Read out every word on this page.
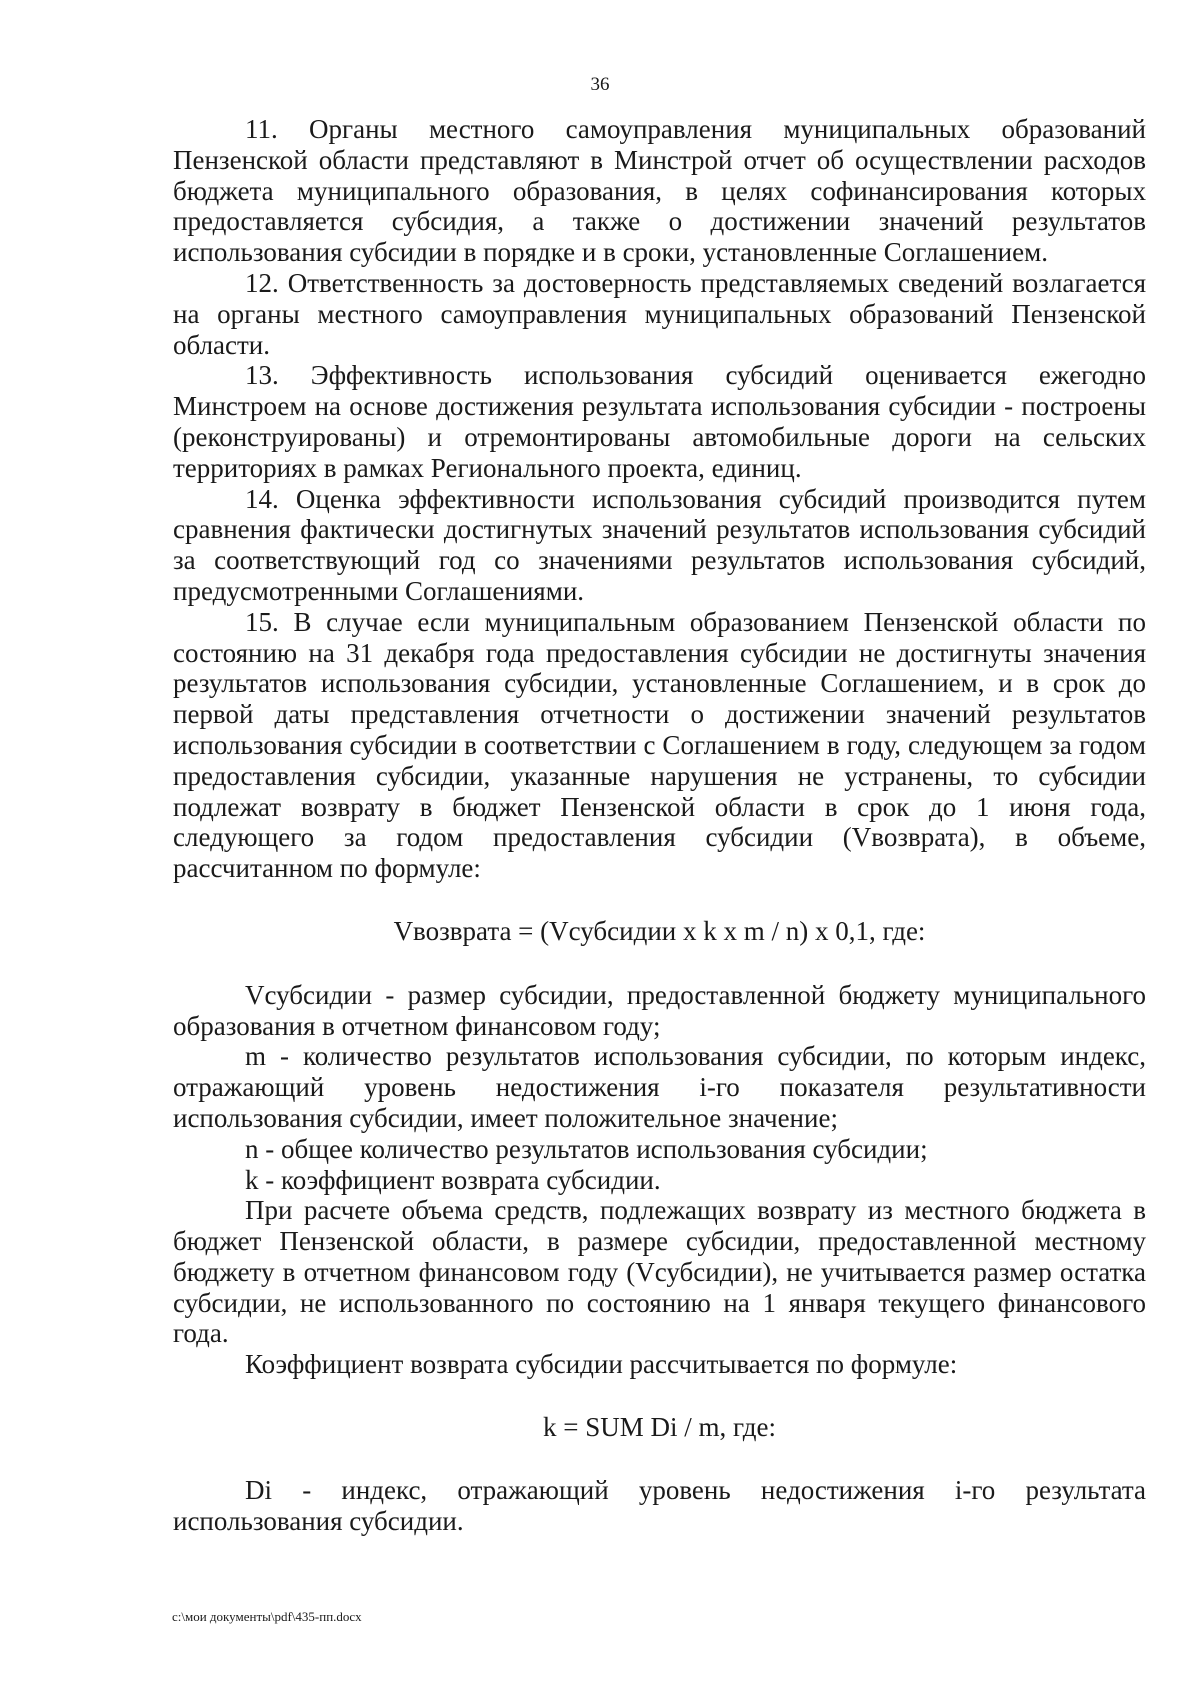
36

11. Органы местного самоуправления муниципальных образований Пензенской области представляют в Минстрой отчет об осуществлении расходов бюджета муниципального образования, в целях софинансирования которых предоставляется субсидия, а также о достижении значений результатов использования субсидии в порядке и в сроки, установленные Соглашением.

12. Ответственность за достоверность представляемых сведений возлагается на органы местного самоуправления муниципальных образований Пензенской области.

13. Эффективность использования субсидий оценивается ежегодно Минстроем на основе достижения результата использования субсидии - построены (реконструированы) и отремонтированы автомобильные дороги на сельских территориях в рамках Регионального проекта, единиц.

14. Оценка эффективности использования субсидий производится путем сравнения фактически достигнутых значений результатов использования субсидий за соответствующий год со значениями результатов использования субсидий, предусмотренными Соглашениями.

15. В случае если муниципальным образованием Пензенской области по состоянию на 31 декабря года предоставления субсидии не достигнуты значения результатов использования субсидии, установленные Соглашением, и в срок до первой даты представления отчетности о достижении значений результатов использования субсидии в соответствии с Соглашением в году, следующем за годом предоставления субсидии, указанные нарушения не устранены, то субсидии подлежат возврату в бюджет Пензенской области в срок до 1 июня года, следующего за годом предоставления субсидии (Vвозврата), в объеме, рассчитанном по формуле:

Vвозврата = (Vсубсидии x k x m / n) x 0,1, где:

Vсубсидии - размер субсидии, предоставленной бюджету муниципального образования в отчетном финансовом году;

m - количество результатов использования субсидии, по которым индекс, отражающий уровень недостижения i-го показателя результативности использования субсидии, имеет положительное значение;

n - общее количество результатов использования субсидии;

k - коэффициент возврата субсидии.

При расчете объема средств, подлежащих возврату из местного бюджета в бюджет Пензенской области, в размере субсидии, предоставленной местному бюджету в отчетном финансовом году (Vсубсидии), не учитывается размер остатка субсидии, не использованного по состоянию на 1 января текущего финансового года.

Коэффициент возврата субсидии рассчитывается по формуле:

k = SUM Di / m, где:

Di - индекс, отражающий уровень недостижения i-го результата использования субсидии.

c:\мои документы\pdf\435-пп.docx
